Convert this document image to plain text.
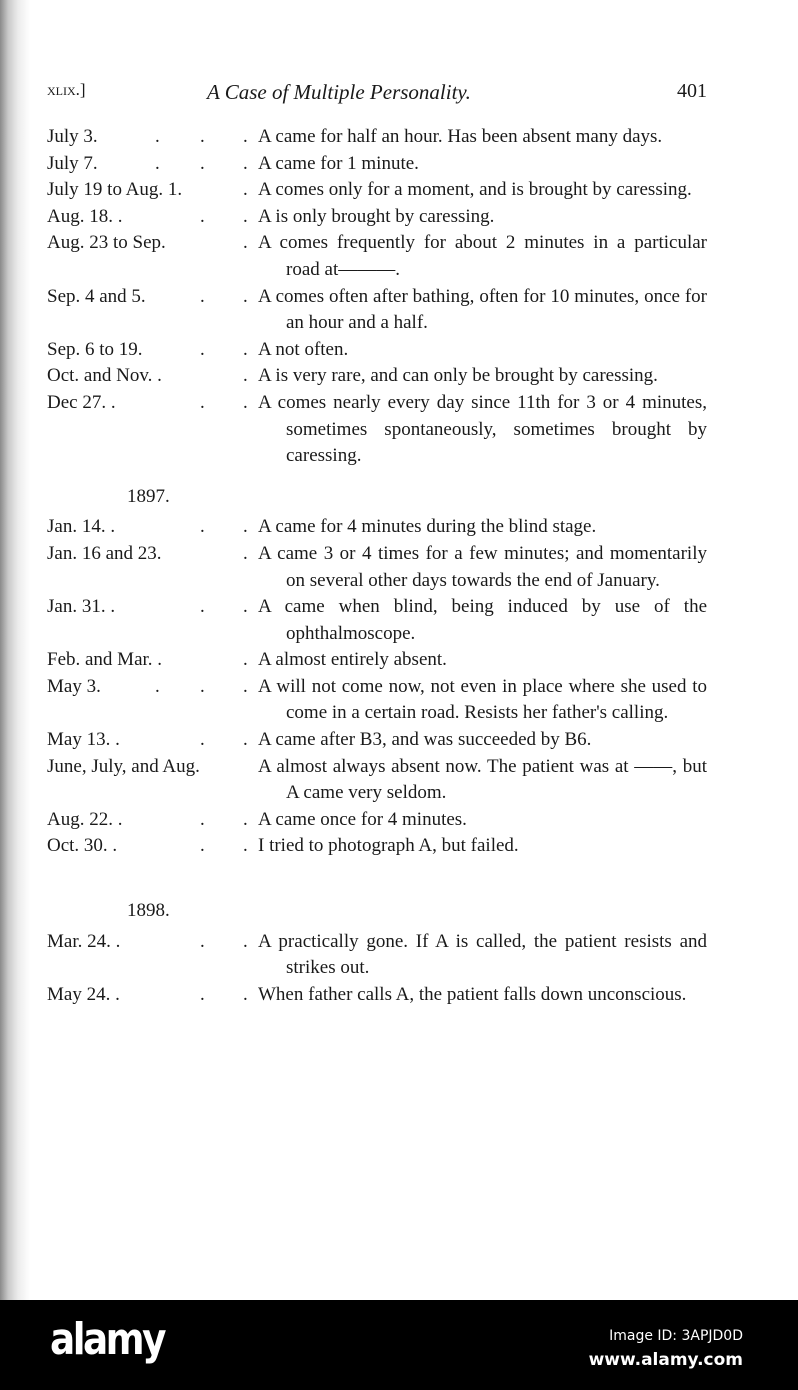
xlix.]	A Case of Multiple Personality.	401
July 3.	. . . A came for half an hour. Has been absent many days.
July 7.	. . . A came for 1 minute.
July 19 to Aug. 1.	. A comes only for a moment, and is brought by caressing.
Aug. 18. .	. . A is only brought by caressing.
Aug. 23 to Sep.	. A comes frequently for about 2 minutes in a particular road at———.
Sep. 4 and 5.	. . A comes often after bathing, often for 10 minutes, once for an hour and a half.
Sep. 6 to 19.	. . A not often.
Oct. and Nov. .	. A is very rare, and can only be brought by caressing.
Dec 27. .	. . A comes nearly every day since 11th for 3 or 4 minutes, sometimes spontaneously, sometimes brought by caressing.
1897.
Jan. 14. .	. . A came for 4 minutes during the blind stage.
Jan. 16 and 23.	. A came 3 or 4 times for a few minutes; and momentarily on several other days towards the end of January.
Jan. 31. .	. . A came when blind, being induced by use of the ophthalmoscope.
Feb. and Mar. .	. A almost entirely absent.
May 3.	. . . A will not come now, not even in place where she used to come in a certain road. Resists her father's calling.
May 13. .	. . A came after B3, and was succeeded by B6.
June, July, and Aug.	A almost always absent now. The patient was at ——, but A came very seldom.
Aug. 22. .	. . A came once for 4 minutes.
Oct. 30. .	. . I tried to photograph A, but failed.
1898.
Mar. 24. .	. . A practically gone. If A is called, the patient resists and strikes out.
May 24. .	. . When father calls A, the patient falls down unconscious.
alamy	Image ID: 3APJD0D
www.alamy.com
